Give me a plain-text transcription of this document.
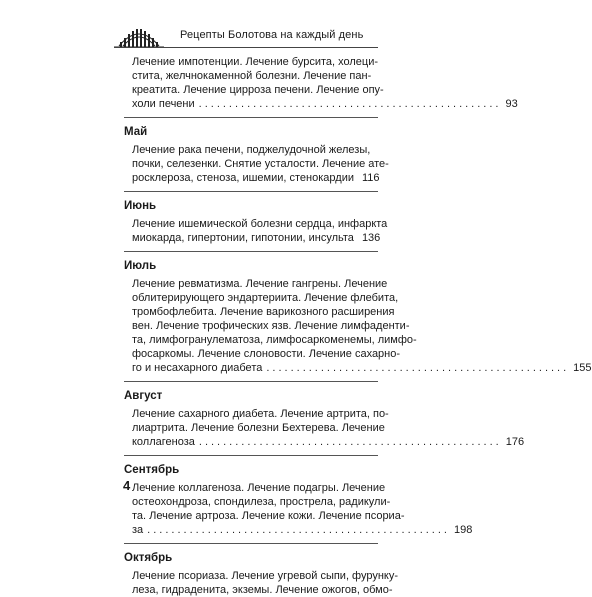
Рецепты Болотова на каждый день
Лечение импотенции. Лечение бурсита, холеци-
стита, желчнокаменной болезни. Лечение пан-
креатита. Лечение цирроза печени. Лечение опу-
холи печени .................................................. 93
Май
Лечение рака печени, поджелудочной железы,
почки, селезенки. Снятие усталости. Лечение ате-
росклероза, стеноза, ишемии, стенокардии 116
Июнь
Лечение ишемической болезни сердца, инфаркта
миокарда, гипертонии, гипотонии, инсульта 136
Июль
Лечение ревматизма. Лечение гангрены. Лечение
облитерирующего эндартериита. Лечение флебита,
тромбофлебита. Лечение варикозного расширения
вен. Лечение трофических язв. Лечение лимфаденти-
та, лимфогранулематоза, лимфосаркоменемы, лимфо-
фосаркомы. Лечение слоновости. Лечение сахарно-
го и несахарного диабета .................................................. 155
Август
Лечение сахарного диабета. Лечение артрита, по-
лиартрита. Лечение болезни Бехтерева. Лечение
коллагеноза .................................................. 176
Сентябрь
Лечение коллагеноза. Лечение подагры. Лечение
остеохондроза, спондилеза, прострела, радикули-
та. Лечение артроза. Лечение кожи. Лечение псориа-
за .................................................. 198
Октябрь
Лечение псориаза. Лечение угревой сыпи, фурунку-
леза, гидраденита, экземы. Лечение ожогов, обмо-
4
